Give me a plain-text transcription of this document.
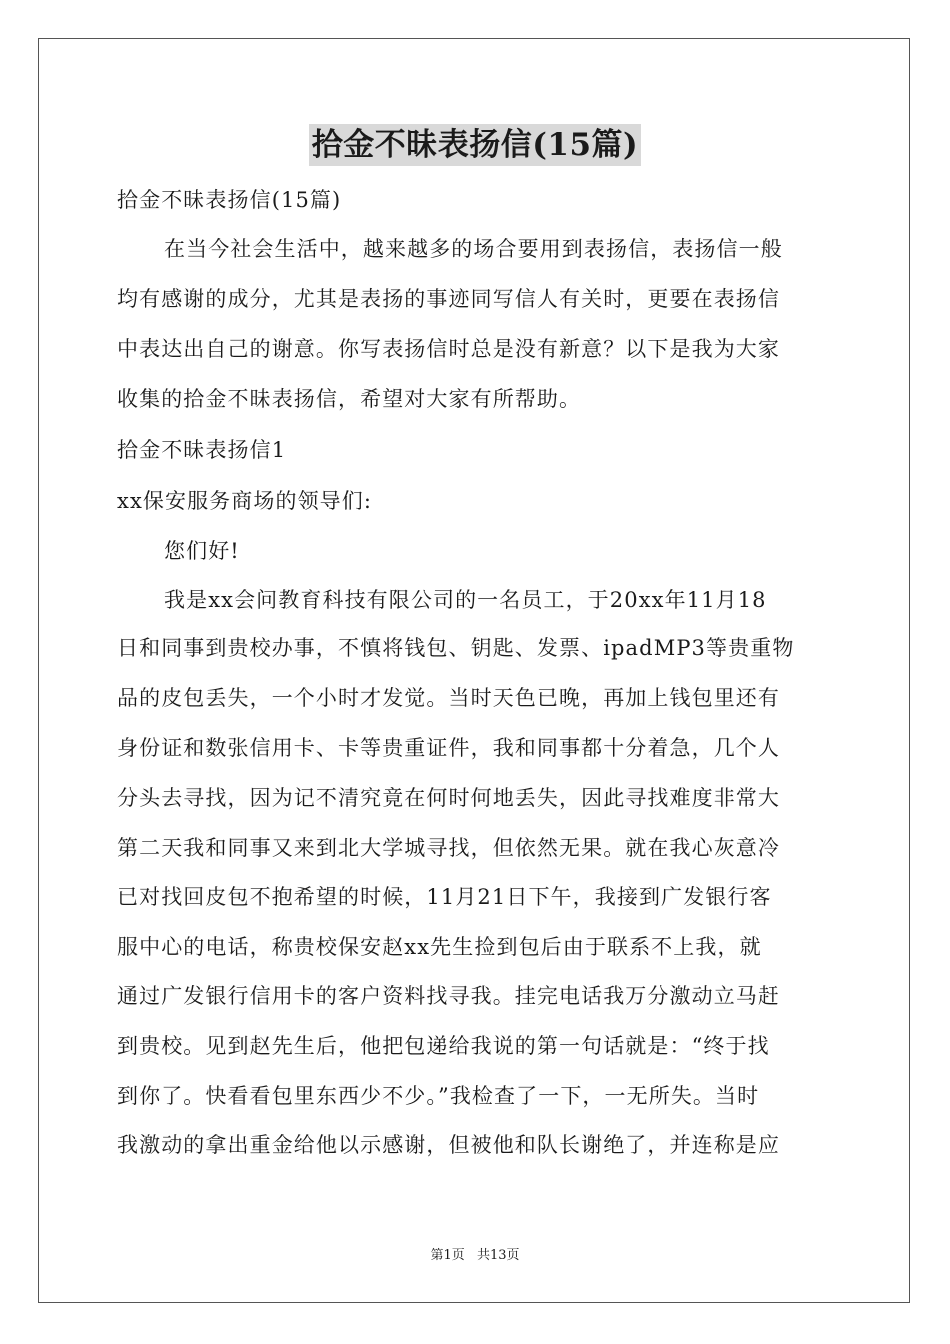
拾金不昧表扬信(15篇)
拾金不昧表扬信(15篇)
在当今社会生活中，越来越多的场合要用到表扬信，表扬信一般
均有感谢的成分，尤其是表扬的事迹同写信人有关时，更要在表扬信
中表达出自己的谢意。你写表扬信时总是没有新意？以下是我为大家
收集的拾金不昧表扬信，希望对大家有所帮助。
拾金不昧表扬信1
xx保安服务商场的领导们:
您们好!
我是xx会问教育科技有限公司的一名员工，于20xx年11月18
日和同事到贵校办事，不慎将钱包、钥匙、发票、ipadMP3等贵重物
品的皮包丢失，一个小时才发觉。当时天色已晚，再加上钱包里还有
身份证和数张信用卡、卡等贵重证件，我和同事都十分着急，几个人
分头去寻找，因为记不清究竟在何时何地丢失，因此寻找难度非常大
第二天我和同事又来到北大学城寻找，但依然无果。就在我心灰意冷
已对找回皮包不抱希望的时候，11月21日下午，我接到广发银行客
服中心的电话，称贵校保安赵xx先生捡到包后由于联系不上我，就
通过广发银行信用卡的客户资料找寻我。挂完电话我万分激动立马赶
到贵校。见到赵先生后，他把包递给我说的第一句话就是：“终于找
到你了。快看看包里东西少不少。”我检查了一下，一无所失。当时
我激动的拿出重金给他以示感谢，但被他和队长谢绝了，并连称是应
第1页 共13页
